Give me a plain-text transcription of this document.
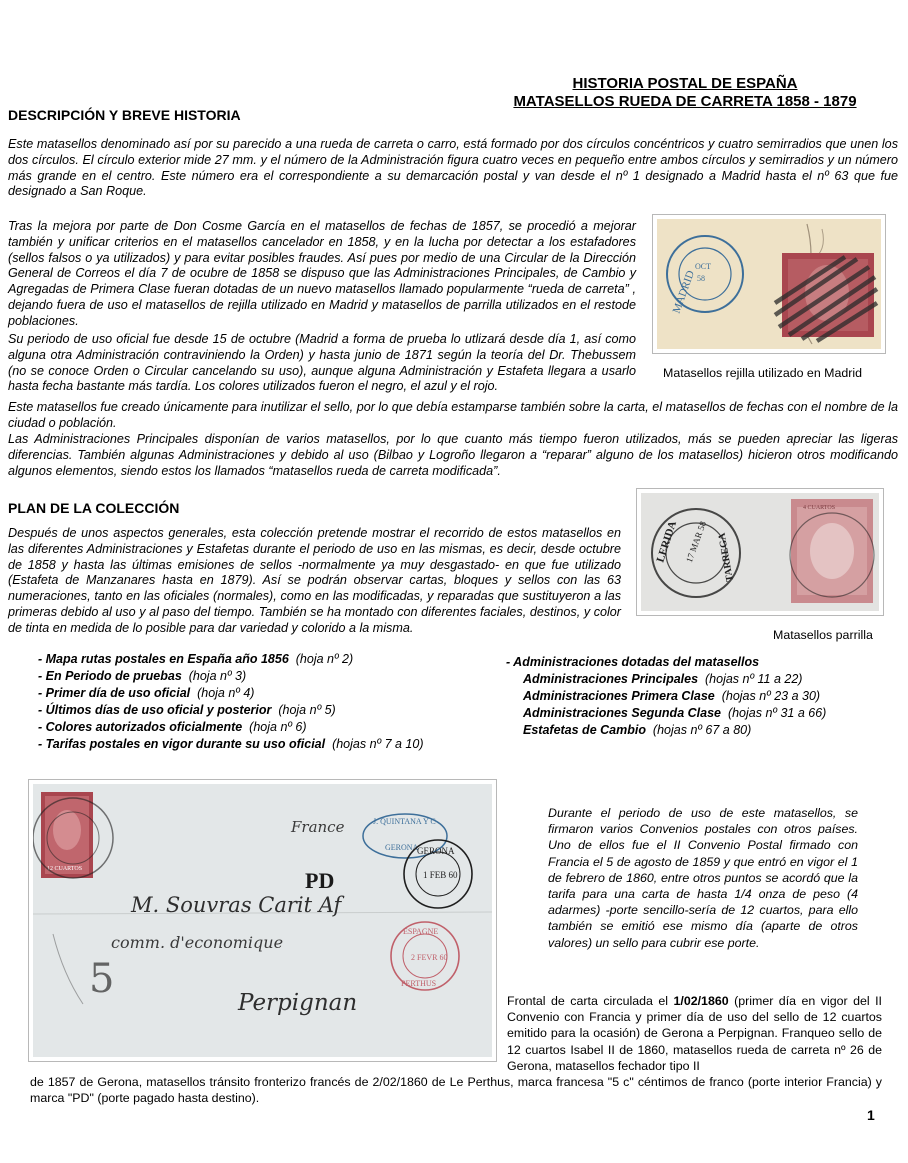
HISTORIA POSTAL DE ESPAÑA
MATASELLOS RUEDA DE CARRETA 1858 - 1879
DESCRIPCIÓN Y BREVE HISTORIA
Este matasellos denominado así por su parecido a una rueda de carreta o carro, está formado por dos círculos concéntricos y cuatro semirradios que unen los dos círculos. El círculo exterior mide 27 mm. y el número de la Administración figura cuatro veces en pequeño entre ambos círculos y semirradios y un número más grande en el centro. Este número era el correspondiente a su demarcación postal y van desde el nº 1 designado a Madrid hasta el nº 63 que fue designado a San Roque.
Tras la mejora por parte de Don Cosme García en el matasellos de fechas de 1857, se procedió a mejorar también y unificar criterios en el matasellos cancelador en 1858, y en la lucha por detectar a los estafadores (sellos falsos o ya utilizados) y para evitar posibles fraudes. Así pues por medio de una Circular de la Dirección General de Correos el día 7 de ocubre de 1858 se dispuso que las Administraciones Principales, de Cambio y Agregadas de Primera Clase fueran dotadas de un nuevo matasellos llamado popularmente “rueda de carreta” , dejando fuera de uso el matasellos de rejilla utilizado en Madrid y matasellos de parrilla utilizados en el restode poblaciones.
Su periodo de uso oficial fue desde 15 de octubre (Madrid a forma de prueba lo utlizará desde día 1, así como alguna otra Administración contraviniendo la Orden) y hasta junio de 1871 según la teoría del Dr. Thebussem (no se conoce Orden o Circular cancelando su uso), aunque alguna Administración y Estafeta llegara a usarlo hasta fecha bastante más tardía. Los colores utilizados fueron el negro, el azul y el rojo.
Este matasellos fue creado únicamente para inutilizar el sello, por lo que debía estamparse también sobre la carta, el matasellos de fechas con el nombre de la ciudad o población.
Las Administraciones Principales disponían de varios matasellos, por lo que cuanto más tiempo fueron utilizados, más se pueden apreciar las ligeras diferencias. También algunas Administraciones y debido al uso (Bilbao y Logroño llegaron a “reparar” alguno de los matasellos) hicieron otros modificando algunos elementos, siendo estos los llamados “matasellos rueda de carreta modificada”.
MADRID
OCT
58
Matasellos rejilla utilizado en Madrid
PLAN DE LA COLECCIÓN
Después de unos aspectos generales, esta colección pretende mostrar el recorrido de estos matasellos en las diferentes Administraciones y Estafetas durante el periodo de uso en las mismas, es decir, desde octubre de 1858 y hasta las últimas emisiones de sellos -normalmente ya muy desgastado- en que fue utilizado (Estafeta de Manzanares hasta en 1879). Así se podrán observar cartas, bloques y sellos con las 63 numeraciones, tanto en las oficiales (normales), como en las modificadas, y reparadas que sustituyeron a las primeras debido al uso y al paso del tiempo. También se ha montado con diferentes faciales, destinos, y color de tinta en medida de lo posible para dar variedad y colorido a la misma.
LERIDA	TARREGA
17 MAR 58
4 CUARTOS
Matasellos parrilla
- Mapa rutas postales en España año 1856 (hoja nº 2)
- En Periodo de pruebas (hoja nº 3)
- Primer día de uso oficial (hoja nº 4)
- Últimos días de uso oficial y posterior (hoja nº 5)
- Colores autorizados oficialmente (hoja nº 6)
- Tarifas postales en vigor durante su uso oficial (hojas nº 7 a 10)
- Administraciones dotadas del matasellos
Administraciones Principales (hojas nº 11 a 22)
Administraciones Primera Clase (hojas nº 23 a 30)
Administraciones Segunda Clase (hojas nº 31 a 66)
Estafetas de Cambio (hojas nº 67 a 80)
12 CUARTOS
J. QUINTANA Y C
GERONA
GERONA
1 FEB 60
ESPAGNE
2 FEVR 60
PERTHUS
France
M. Souvras Carit Af
comm. d'economique
Perpignan
PD
5
Durante el periodo de uso de este matasellos, se firmaron varios Convenios postales con otros países. Uno de ellos fue el II Convenio Postal firmado con Francia el 5 de agosto de 1859 y que entró en vigor el 1 de febrero de 1860, entre otros puntos se acordó que la tarifa para una carta de hasta 1/4 onza de peso (4 adarmes) -porte sencillo-sería de 12 cuartos, para ello también se emitió ese mismo día (aparte de otros valores) un sello para cubrir ese porte.
Frontal de carta circulada el 1/02/1860 (primer día en vigor del II Convenio con Francia y primer día de uso del sello de 12 cuartos emitido para la ocasión) de Gerona a Perpignan. Franqueo sello de 12 cuartos Isabel II de 1860, matasellos rueda de carreta nº 26 de Gerona, matasellos fechador tipo II
de 1857 de Gerona, matasellos tránsito fronterizo francés de 2/02/1860 de Le Perthus, marca francesa "5 c" céntimos de franco (porte interior Francia) y marca "PD" (porte pagado hasta destino).
1
